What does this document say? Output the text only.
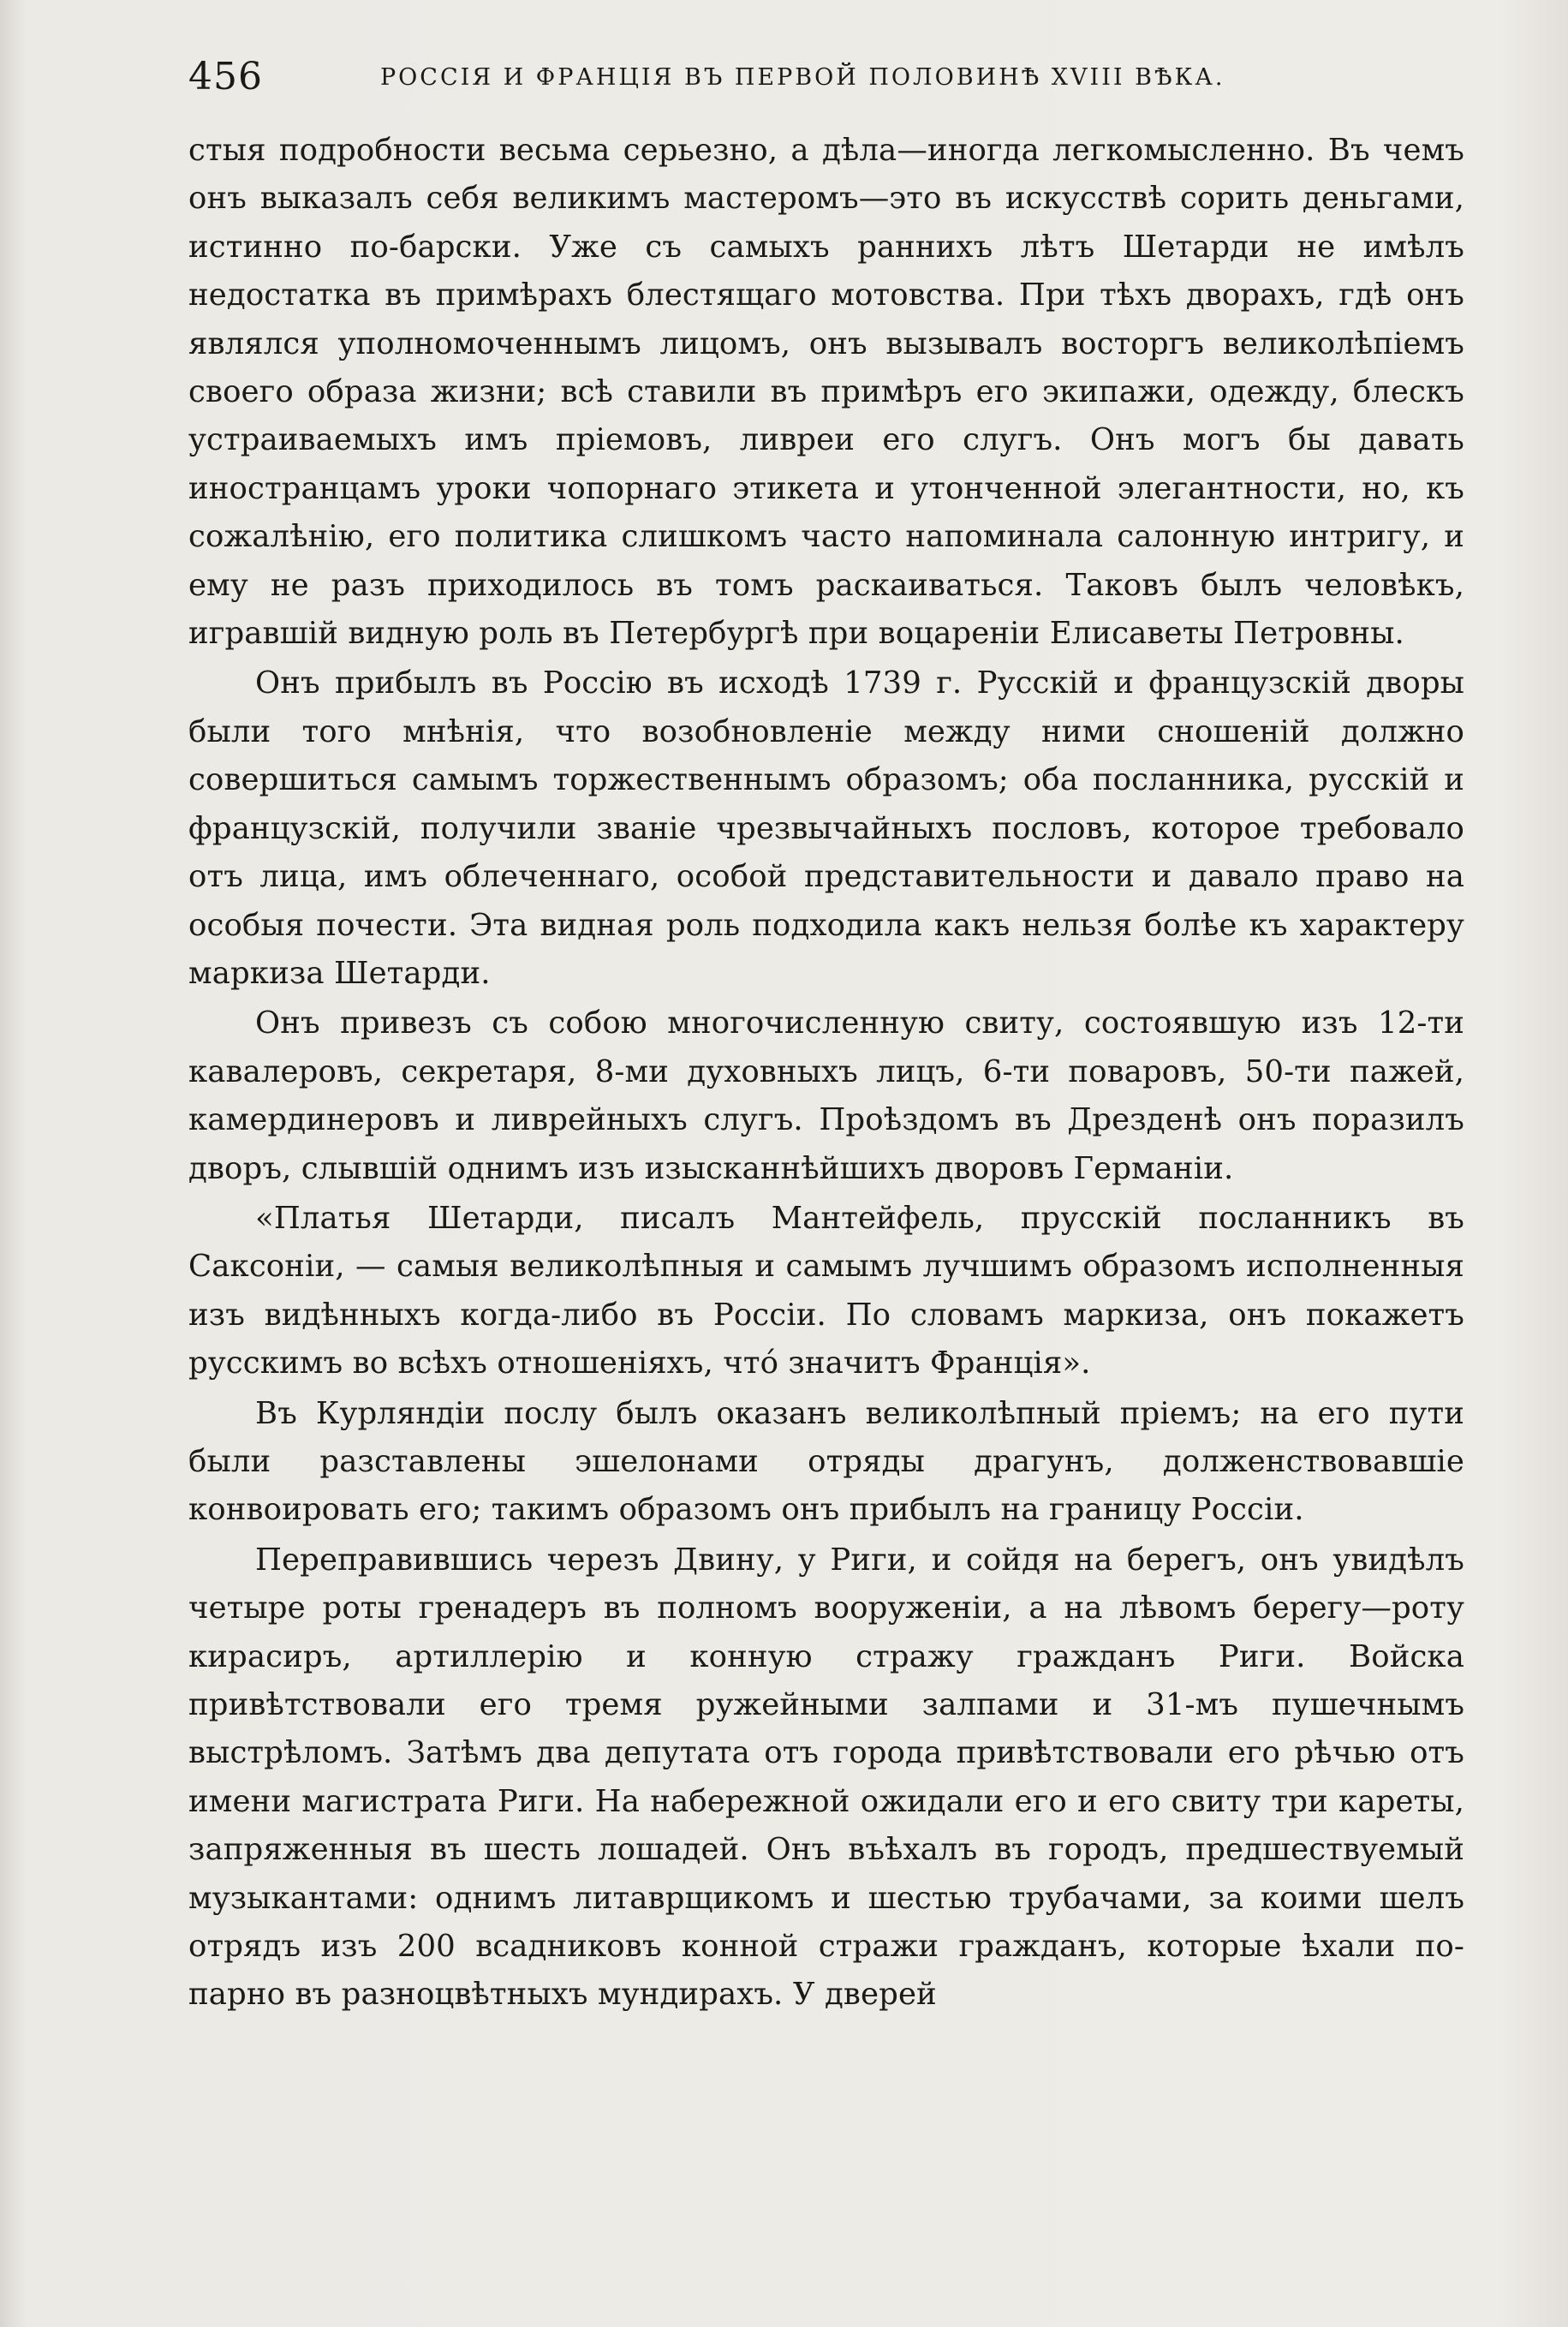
456	РОССІЯ И ФРАНЦІЯ ВЪ ПЕРВОЙ ПОЛОВИНѢ XVIII ВѢКА.

стыя подробности весьма серьезно, а дѣла—иногда легкомысленно. Въ чемъ онъ выказалъ себя великимъ мастеромъ—это въ искусствѣ сорить деньгами, истинно по-барски. Уже съ самыхъ раннихъ лѣтъ Шетарди не имѣлъ недостатка въ примѣрахъ блестящаго мотовства. При тѣхъ дворахъ, гдѣ онъ являлся уполномоченнымъ лицомъ, онъ вызывалъ восторгъ великолѣпіемъ своего образа жизни; всѣ ставили въ примѣръ его экипажи, одежду, блескъ устраиваемыхъ имъ пріемовъ, ливреи его слугъ. Онъ могъ бы давать иностранцамъ уроки чопорнаго этикета и утонченной элегантности, но, къ сожалѣнію, его политика слишкомъ часто напоминала салонную интригу, и ему не разъ приходилось въ томъ раскаиваться. Таковъ былъ человѣкъ, игравшій видную роль въ Петербургѣ при воцареніи Елисаветы Петровны.

Онъ прибылъ въ Россію въ исходѣ 1739 г. Русскій и французскій дворы были того мнѣнія, что возобновленіе между ними сношеній должно совершиться самымъ торжественнымъ образомъ; оба посланника, русскій и французскій, получили званіе чрезвычайныхъ пословъ, которое требовало отъ лица, имъ облеченнаго, особой представительности и давало право на особыя почести. Эта видная роль подходила какъ нельзя болѣе къ характеру маркиза Шетарди.

Онъ привезъ съ собою многочисленную свиту, состоявшую изъ 12-ти кавалеровъ, секретаря, 8-ми духовныхъ лицъ, 6-ти поваровъ, 50-ти пажей, камердинеровъ и ливрейныхъ слугъ. Проѣздомъ въ Дрезденѣ онъ поразилъ дворъ, слывшій однимъ изъ изысканнѣйшихъ дворовъ Германіи.

«Платья Шетарди, писалъ Мантейфель, прусскій посланникъ въ Саксоніи, — самыя великолѣпныя и самымъ лучшимъ образомъ исполненныя изъ видѣнныхъ когда-либо въ Россіи. По словамъ маркиза, онъ покажетъ русскимъ во всѣхъ отношеніяхъ, что́ значитъ Франція».

Въ Курляндіи послу былъ оказанъ великолѣпный пріемъ; на его пути были разставлены эшелонами отряды драгунъ, долженствовавшіе конвоировать его; такимъ образомъ онъ прибылъ на границу Россіи.

Переправившись черезъ Двину, у Риги, и сойдя на берегъ, онъ увидѣлъ четыре роты гренадеръ въ полномъ вооруженіи, а на лѣвомъ берегу—роту кирасиръ, артиллерію и конную стражу гражданъ Риги. Войска привѣтствовали его тремя ружейными залпами и 31-мъ пушечнымъ выстрѣломъ. Затѣмъ два депутата отъ города привѣтствовали его рѣчью отъ имени магистрата Риги. На набережной ожидали его и его свиту три кареты, запряженныя въ шесть лошадей. Онъ въѣхалъ въ городъ, предшествуемый музыкантами: однимъ литаврщикомъ и шестью трубачами, за коими шелъ отрядъ изъ 200 всадниковъ конной стражи гражданъ, которые ѣхали по-парно въ разноцвѣтныхъ мундирахъ. У дверей
